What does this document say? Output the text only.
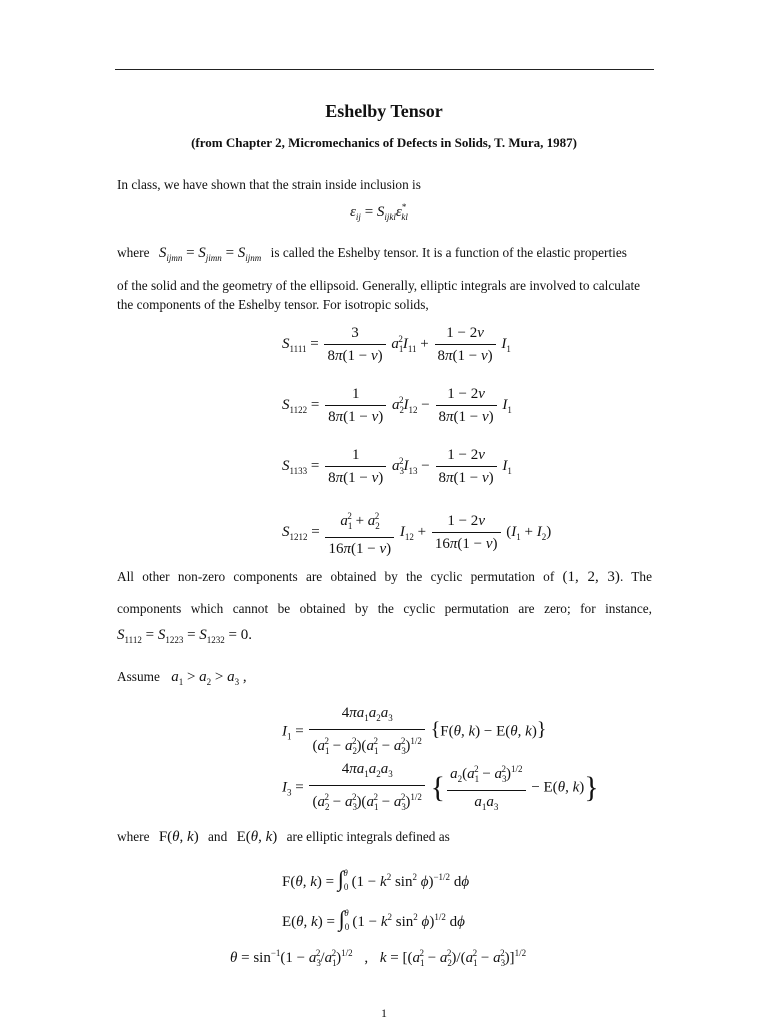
Eshelby Tensor
(from Chapter 2, Micromechanics of Defects in Solids, T. Mura, 1987)
In class, we have shown that the strain inside inclusion is
$\varepsilon_{ij} = S_{ijkl}\varepsilon^*_{kl}$
where $S_{ijmn} = S_{jimn} = S_{ijnm}$ is called the Eshelby tensor. It is a function of the elastic properties
of the solid and the geometry of the ellipsoid. Generally, elliptic integrals are involved to calculate
the components of the Eshelby tensor. For isotropic solids,
$S_{1111} = \frac{3}{8\pi(1 - \nu)} a_1^2I_{11} + \frac{1 - 2\nu}{8\pi(1 - \nu)} I_1$
$S_{1122} = \frac{1}{8\pi(1 - \nu)} a_2^2I_{12} - \frac{1 - 2\nu}{8\pi(1 - \nu)} I_1$
$S_{1133} = \frac{1}{8\pi(1 - \nu)} a_3^2I_{13} - \frac{1 - 2\nu}{8\pi(1 - \nu)} I_1$
$S_{1212} = \frac{a_1^2 + a_2^2}{16\pi(1 - \nu)} I_{12} + \frac{1 - 2\nu}{16\pi(1 - \nu)} (I_1 + I_2)$
All other non-zero components are obtained by the cyclic permutation of (1, 2, 3). The
components which cannot be obtained by the cyclic permutation are zero; for instance,
$S_{1112} = S_{1223} = S_{1232} = 0$.
Assume $a_1 > a_2 > a_3$ ,
$I_1 = \frac{4\pi a_1a_2a_3}{(a_1^2 - a_2^2)(a_1^2 - a_3^2)^{1/2}} \{F(\theta$, k) − E(θ, k)}
$I_3 = \frac{4\pi a_1a_2a_3}{(a_2^2 - a_3^2)(a_1^2 - a_3^2)^{1/2}}$ { $\frac{a_2(a_1^2 - a_3^2)^{1/2}}{a_1a_3} - E(\theta$, k)}
where F(θ, k) and E(θ, k) are elliptic integrals defined as
F(θ, $k) = \int_0^\theta$ ($1 - k^2$ $\sin^2 \phi)^{-1/2}$ dϕ
E(θ, $k) = \int_0^\theta$ ($1 - k^2$ $\sin^2 \phi)^{1/2}$ dϕ
$\theta = \sin^{-1}(1 - a_3^2/a_1^2)^{1/2}$ , $k = [(a_1^2 - a_2^2)/(a_1^2 - a_3^2)]^{1/2}$
1
